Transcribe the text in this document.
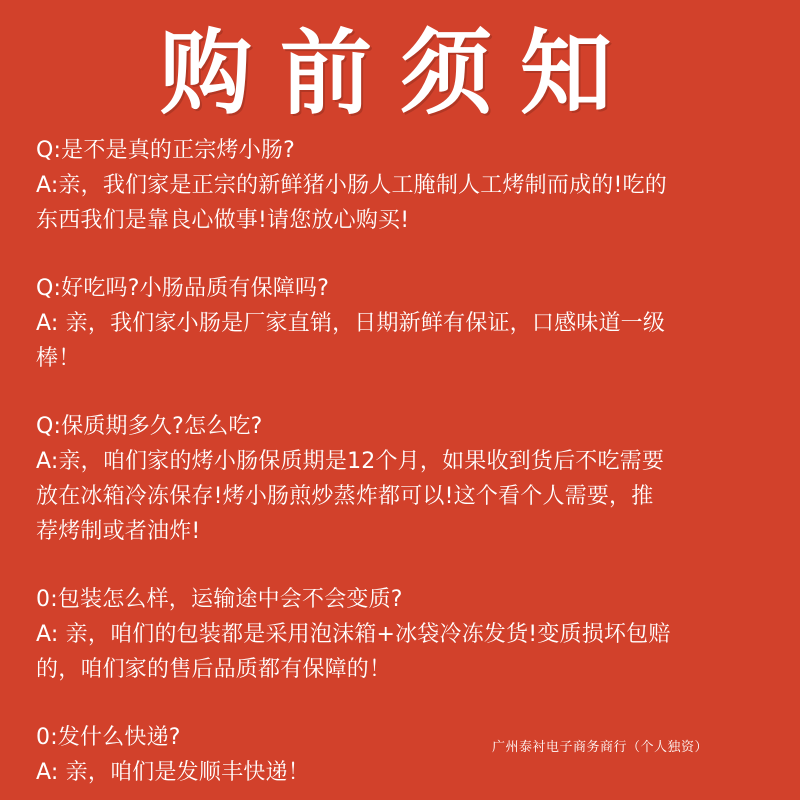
购前须知
Q:是不是真的正宗烤小肠?
A:亲，我们家是正宗的新鲜猪小肠人工腌制人工烤制而成的!吃的
东西我们是靠良心做事!请您放心购买!
Q:好吃吗?小肠品质有保障吗?
A: 亲，我们家小肠是厂家直销，日期新鲜有保证，口感味道一级
棒！
Q:保质期多久?怎么吃?
A:亲，咱们家的烤小肠保质期是12个月，如果收到货后不吃需要
放在冰箱冷冻保存!烤小肠煎炒蒸炸都可以!这个看个人需要，推
荐烤制或者油炸!
0:包装怎么样，运输途中会不会变质?
A: 亲，咱们的包装都是采用泡沫箱+冰袋冷冻发货!变质损坏包赔
的，咱们家的售后品质都有保障的！
0:发什么快递?
A: 亲，咱们是发顺丰快递！
广州泰衬电子商务商行（个人独资）
